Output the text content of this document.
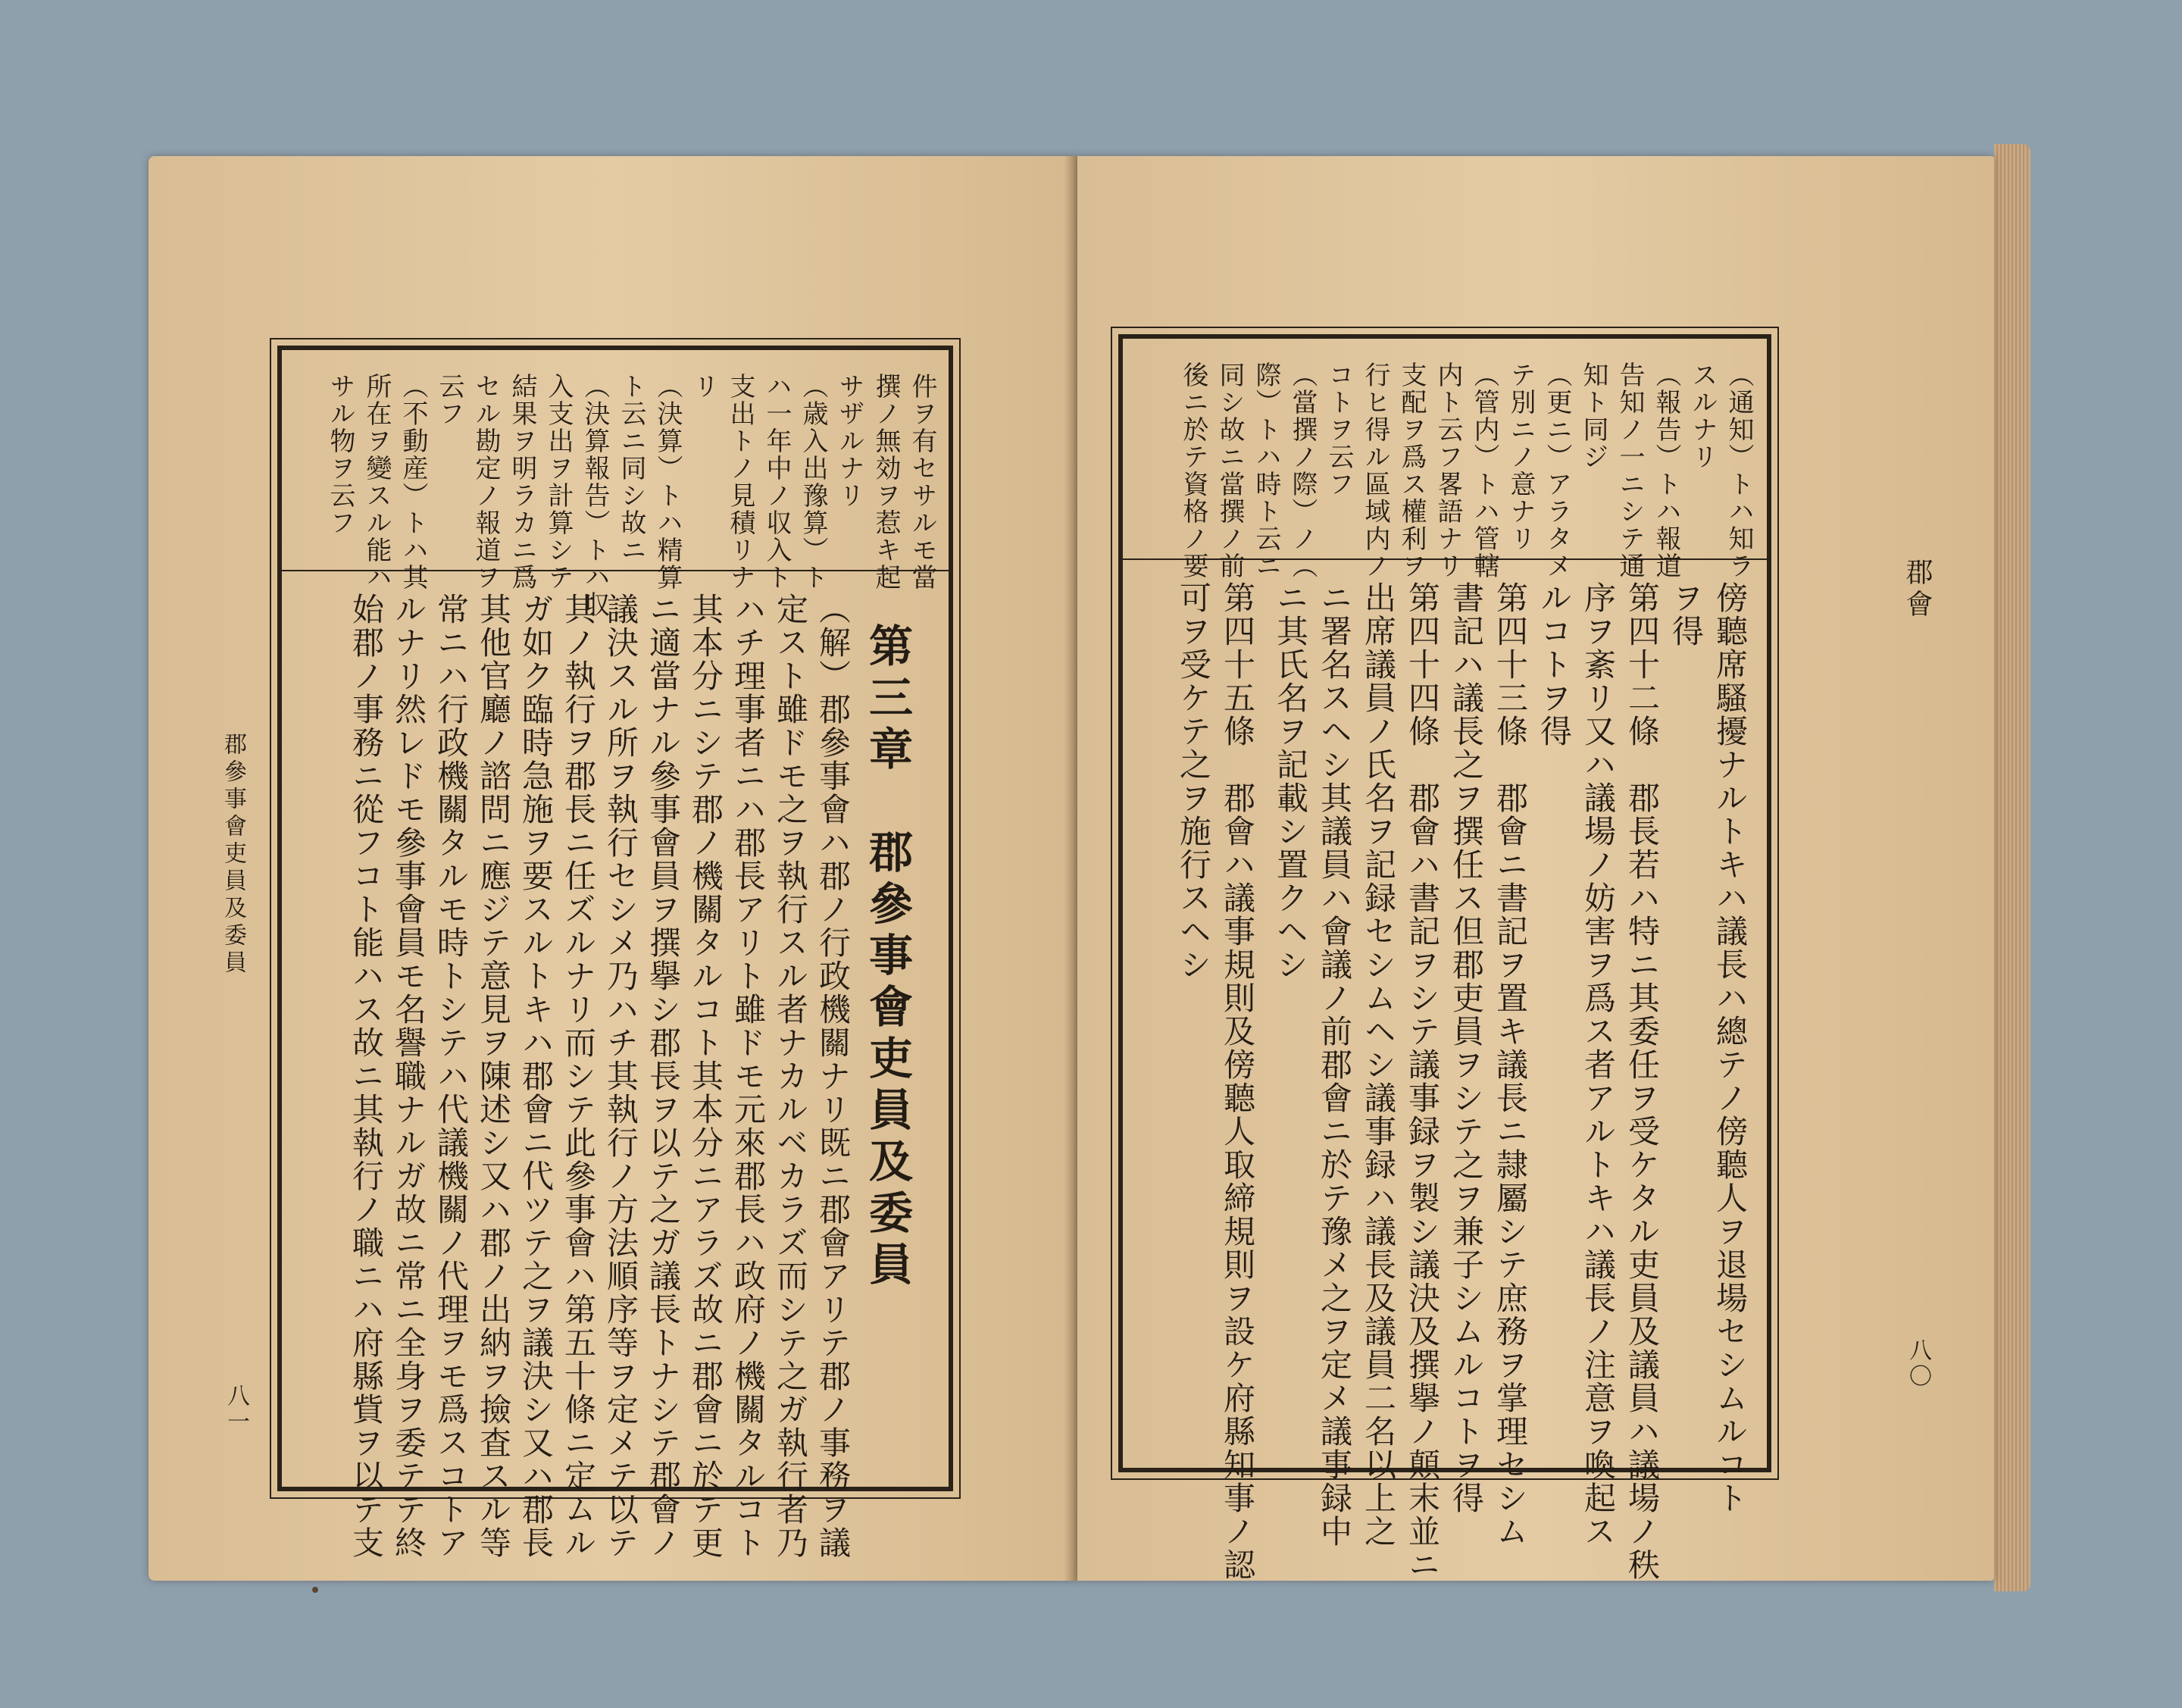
郡參事會吏員及委員
八一
件ヲ有セサルモ當
撰ノ無効ヲ惹キ起
サザルナリ
（歳入出豫算）ト
ハ一年中ノ収入ト
支出トノ見積リナ
リ
（決算）トハ精算
ト云ニ同シ故ニ
（決算報告）トハ収
入支出ヲ計算シテ
結果ヲ明ラカニ爲
セル勘定ノ報道ヲ
云フ
（不動産）トハ其
所在ヲ變スル能ハ
サル物ヲ云フ
第三章　郡參事會吏員及委員
（解）郡參事會ハ郡ノ行政機關ナリ既ニ郡會アリテ郡ノ事務ヲ議
定スト雖ドモ之ヲ執行スル者ナカルベカラズ而シテ之ガ執行者乃
ハチ理事者ニハ郡長アリト雖ドモ元來郡長ハ政府ノ機關タルコト
其本分ニシテ郡ノ機關タルコト其本分ニアラズ故ニ郡會ニ於テ更
ニ適當ナル參事會員ヲ撰擧シ郡長ヲ以テ之ガ議長トナシテ郡會ノ
議決スル所ヲ執行セシメ乃ハチ其執行ノ方法順序等ヲ定メテ以テ
其ノ執行ヲ郡長ニ任ズルナリ而シテ此參事會ハ第五十條ニ定ムル
ガ如ク臨時急施ヲ要スルトキハ郡會ニ代ツテ之ヲ議決シ又ハ郡長
其他官廳ノ諮問ニ應ジテ意見ヲ陳述シ又ハ郡ノ出納ヲ撿査スル等
常ニハ行政機關タルモ時トシテハ代議機關ノ代理ヲモ爲スコトア
ルナリ然レドモ參事會員モ名譽職ナルガ故ニ常ニ全身ヲ委テテ終
始郡ノ事務ニ從フコト能ハス故ニ其執行ノ職ニハ府縣貲ヲ以テ支
郡會
八〇
（通知）トハ知ラ
スルナリ
（報告）トハ報道
告知ノ一ニシテ通
知ト同ジ
（更ニ）アラタメ
テ別ニノ意ナリ
（管内）トハ管轄
内ト云フ畧語ナリ
支配ヲ爲ス權利ヲ
行ヒ得ル區域内ノ
コトヲ云フ
（當撰ノ際）ノ（
際）トハ時ト云ニ
同シ故ニ當撰ノ前
後ニ於テ資格ノ要
傍聽席騷擾ナルトキハ議長ハ總テノ傍聽人ヲ退場セシムルコト
ヲ得
第四十二條　郡長若ハ特ニ其委任ヲ受ケタル吏員及議員ハ議場ノ秩
序ヲ紊リ又ハ議場ノ妨害ヲ爲ス者アルトキハ議長ノ注意ヲ喚起ス
ルコトヲ得
第四十三條　郡會ニ書記ヲ置キ議長ニ隷屬シテ庶務ヲ掌理セシム
書記ハ議長之ヲ撰任ス但郡吏員ヲシテ之ヲ兼子シムルコトヲ得
第四十四條　郡會ハ書記ヲシテ議事録ヲ製シ議決及撰擧ノ顛末並ニ
出席議員ノ氏名ヲ記録セシムヘシ議事録ハ議長及議員二名以上之
ニ署名スヘシ其議員ハ會議ノ前郡會ニ於テ豫メ之ヲ定メ議事録中
ニ其氏名ヲ記載シ置クヘシ
第四十五條　郡會ハ議事規則及傍聽人取締規則ヲ設ケ府縣知事ノ認
可ヲ受ケテ之ヲ施行スヘシ
